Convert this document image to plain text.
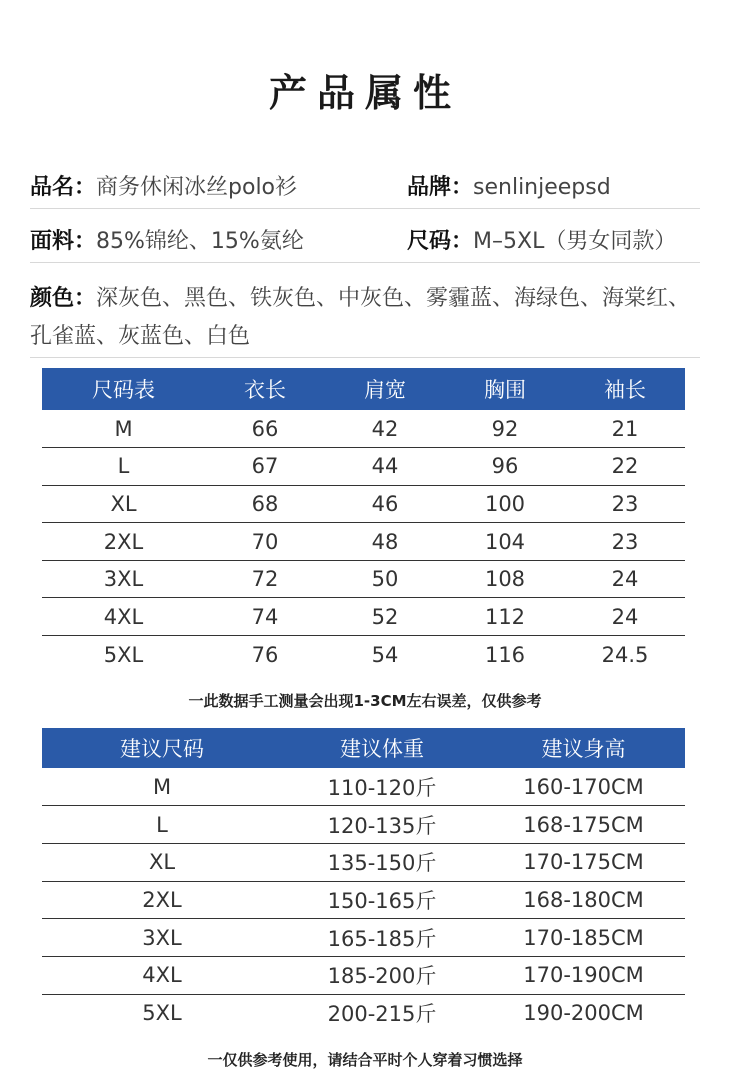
产品属性
品名：商务休闲冰丝polo衫	品牌：senlinjeepsd
面料：85%锦纶、15%氨纶	尺码：M–5XL（男女同款）
颜色：深灰色、黑色、铁灰色、中灰色、雾霾蓝、海绿色、海棠红、孔雀蓝、灰蓝色、白色
尺码表	衣长	肩宽	胸围	袖长
M	66	42	92	21
L	67	44	96	22
XL	68	46	100	23
2XL	70	48	104	23
3XL	72	50	108	24
4XL	74	52	112	24
5XL	76	54	116	24.5
一此数据手工测量会出现1-3CM左右误差，仅供参考
建议尺码	建议体重	建议身高
M	110-120斤	160-170CM
L	120-135斤	168-175CM
XL	135-150斤	170-175CM
2XL	150-165斤	168-180CM
3XL	165-185斤	170-185CM
4XL	185-200斤	170-190CM
5XL	200-215斤	190-200CM
一仅供参考使用，请结合平时个人穿着习惯选择
